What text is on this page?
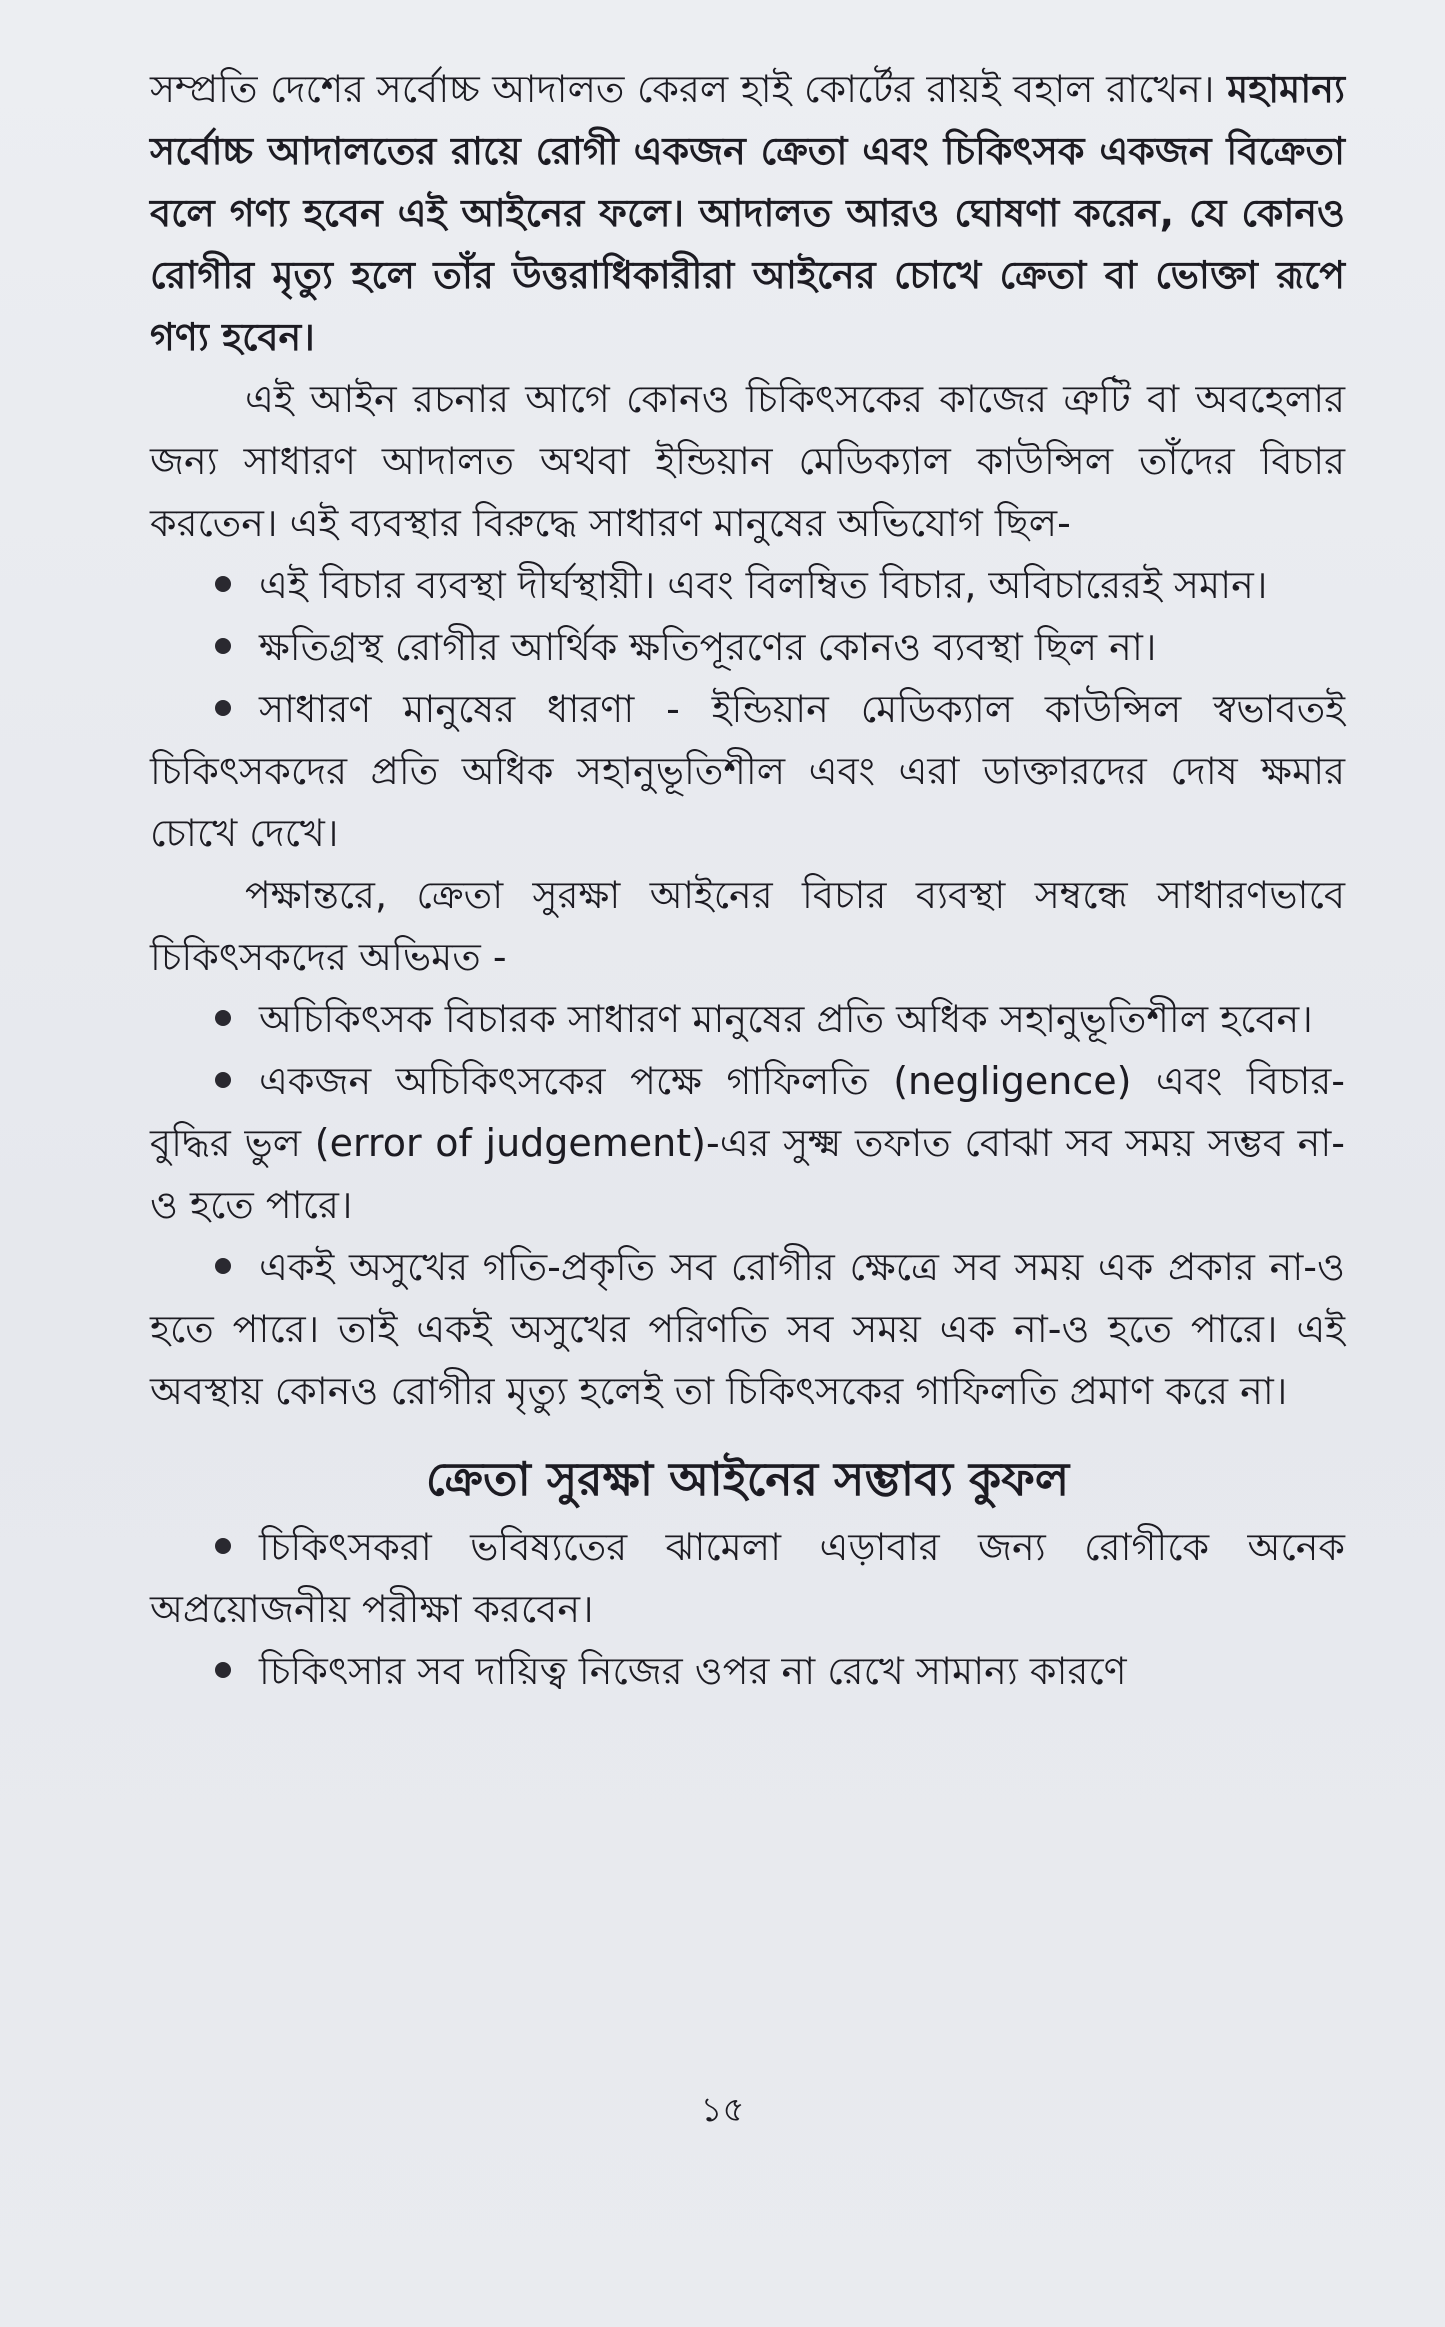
সম্প্রতি দেশের সর্বোচ্চ আদালত কেরল হাই কোর্টের রায়ই বহাল রাখেন। মহামান্য সর্বোচ্চ আদালতের রায়ে রোগী একজন ক্রেতা এবং চিকিৎসক একজন বিক্রেতা বলে গণ্য হবেন এই আইনের ফলে। আদালত আরও ঘোষণা করেন, যে কোনও রোগীর মৃত্যু হলে তাঁর উত্তরাধিকারীরা আইনের চোখে ক্রেতা বা ভোক্তা রূপে গণ্য হবেন।

এই আইন রচনার আগে কোনও চিকিৎসকের কাজের ত্রুটি বা অবহেলার জন্য সাধারণ আদালত অথবা ইন্ডিয়ান মেডিক্যাল কাউন্সিল তাঁদের বিচার করতেন। এই ব্যবস্থার বিরুদ্ধে সাধারণ মানুষের অভিযোগ ছিল-

এই বিচার ব্যবস্থা দীর্ঘস্থায়ী। এবং বিলম্বিত বিচার, অবিচারেরই সমান।

ক্ষতিগ্রস্থ রোগীর আর্থিক ক্ষতিপূরণের কোনও ব্যবস্থা ছিল না।

সাধারণ মানুষের ধারণা - ইন্ডিয়ান মেডিক্যাল কাউন্সিল স্বভাবতই চিকিৎসকদের প্রতি অধিক সহানুভূতিশীল এবং এরা ডাক্তারদের দোষ ক্ষমার চোখে দেখে।

পক্ষান্তরে, ক্রেতা সুরক্ষা আইনের বিচার ব্যবস্থা সম্বন্ধে সাধারণভাবে চিকিৎসকদের অভিমত -

অচিকিৎসক বিচারক সাধারণ মানুষের প্রতি অধিক সহানুভূতিশীল হবেন।

একজন অচিকিৎসকের পক্ষে গাফিলতি (negligence) এবং বিচার-বুদ্ধির ভুল (error of judgement)-এর সুক্ষ্ম তফাত বোঝা সব সময় সম্ভব না-ও হতে পারে।

একই অসুখের গতি-প্রকৃতি সব রোগীর ক্ষেত্রে সব সময় এক প্রকার না-ও হতে পারে। তাই একই অসুখের পরিণতি সব সময় এক না-ও হতে পারে। এই অবস্থায় কোনও রোগীর মৃত্যু হলেই তা চিকিৎসকের গাফিলতি প্রমাণ করে না।

ক্রেতা সুরক্ষা আইনের সম্ভাব্য কুফল

চিকিৎসকরা ভবিষ্যতের ঝামেলা এড়াবার জন্য রোগীকে অনেক অপ্রয়োজনীয় পরীক্ষা করবেন।

চিকিৎসার সব দায়িত্ব নিজের ওপর না রেখে সামান্য কারণে

১৫
